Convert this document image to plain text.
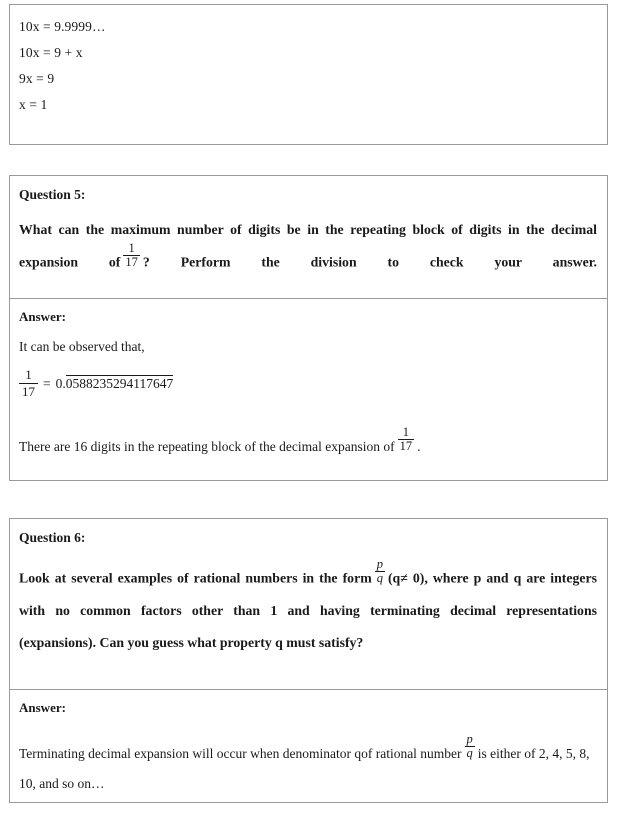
10x = 9.9999…
10x = 9 + x
9x = 9
x = 1
Question 5:
What can the maximum number of digits be in the repeating block of digits in the decimal expansion of $\frac{1}{17}$ ? Perform the division to check your answer.
Answer:
It can be observed that,
$\frac{1}{17} = 0.0588235294117647$
There are 16 digits in the repeating block of the decimal expansion of $\frac{1}{17}$ .
Question 6:
Look at several examples of rational numbers in the form $\frac{p}{q} (q\ne 0)$, where p and q are integers with no common factors other than 1 and having terminating decimal representations (expansions). Can you guess what property q must satisfy?
Answer:
Terminating decimal expansion will occur when denominator qof rational number $\frac{p}{q}$ is either of 2, 4, 5, 8, 10, and so on…
